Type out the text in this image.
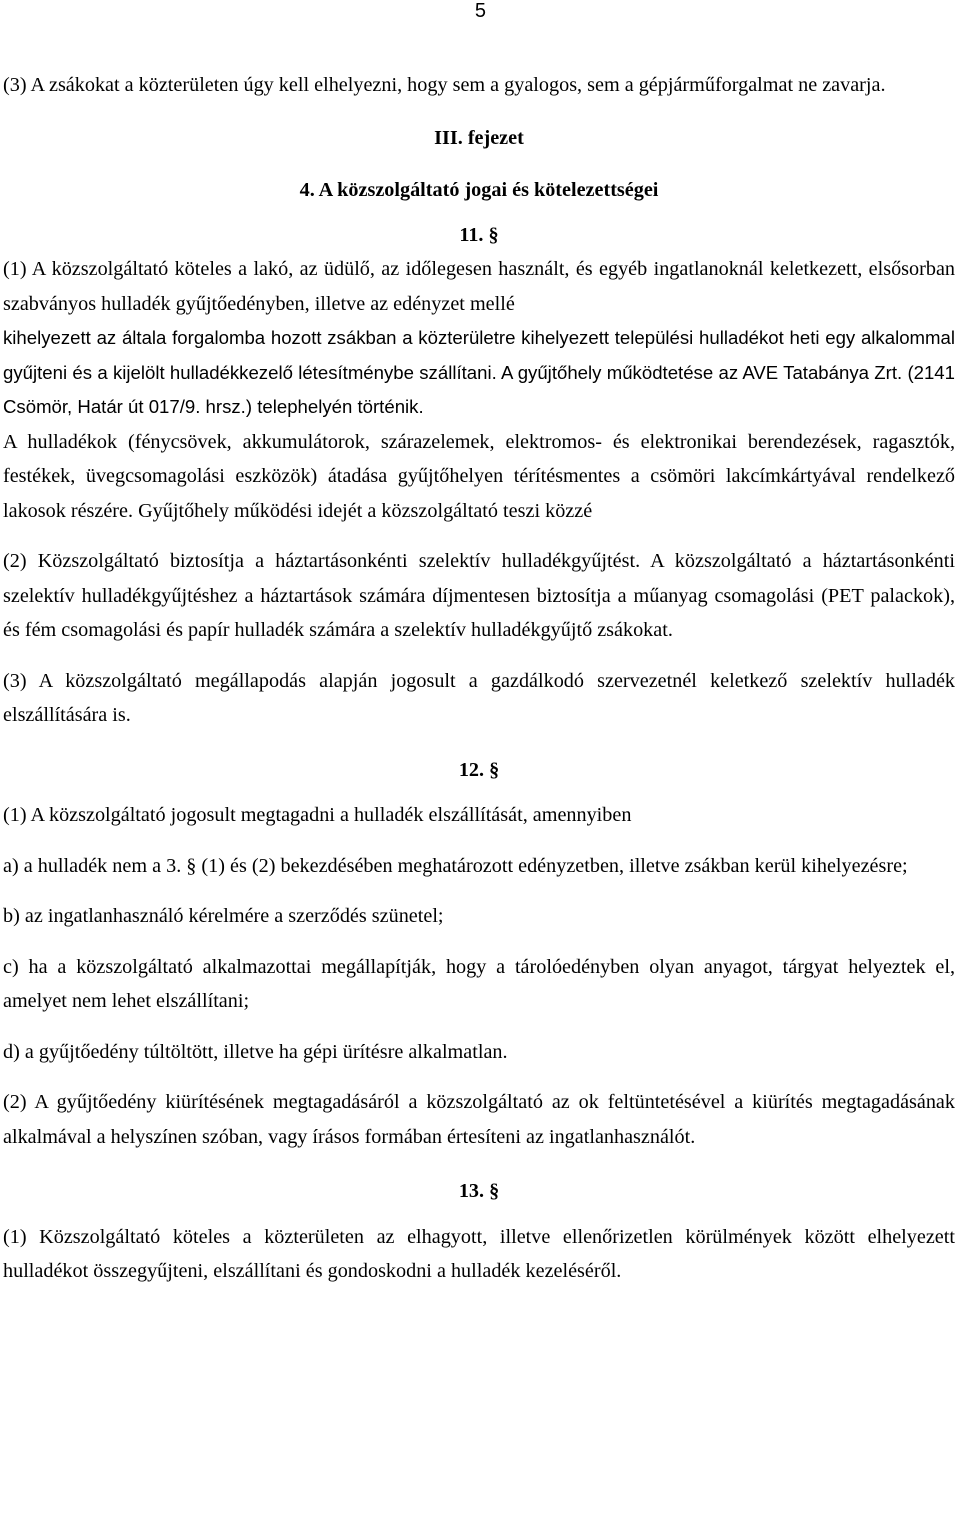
5

(3) A zsákokat a közterületen úgy kell elhelyezni, hogy sem a gyalogos, sem a gépjárműforgalmat ne zavarja.

III. fejezet

4. A közszolgáltató jogai és kötelezettségei

11. §

(1) A közszolgáltató köteles a lakó, az üdülő, az időlegesen használt, és egyéb ingatlanoknál keletkezett, elsősorban szabványos hulladék gyűjtőedényben, illetve az edényzet mellé

kihelyezett az általa forgalomba hozott zsákban a közterületre kihelyezett települési hulladékot heti egy alkalommal gyűjteni és a kijelölt hulladékkezelő létesítménybe szállítani. A gyűjtőhely működtetése az AVE Tatabánya Zrt. (2141 Csömör, Határ út 017/9. hrsz.) telephelyén történik.

A hulladékok (fénycsövek, akkumulátorok, szárazelemek, elektromos- és elektronikai berendezések, ragasztók, festékek, üvegcsomagolási eszközök) átadása gyűjtőhelyen térítésmentes a csömöri lakcímkártyával rendelkező lakosok részére. Gyűjtőhely működési idejét a közszolgáltató teszi közzé

(2) Közszolgáltató biztosítja a háztartásonkénti szelektív hulladékgyűjtést. A közszolgáltató a háztartásonkénti szelektív hulladékgyűjtéshez a háztartások számára díjmentesen biztosítja a műanyag csomagolási (PET palackok), és fém csomagolási és papír hulladék számára a szelektív hulladékgyűjtő zsákokat.

(3) A közszolgáltató megállapodás alapján jogosult a gazdálkodó szervezetnél keletkező szelektív hulladék elszállítására is.

12. §

(1) A közszolgáltató jogosult megtagadni a hulladék elszállítását, amennyiben

a) a hulladék nem a 3. § (1) és (2) bekezdésében meghatározott edényzetben, illetve zsákban kerül kihelyezésre;

b) az ingatlanhasználó kérelmére a szerződés szünetel;

c) ha a közszolgáltató alkalmazottai megállapítják, hogy a tárolóedényben olyan anyagot, tárgyat helyeztek el, amelyet nem lehet elszállítani;

d) a gyűjtőedény túltöltött, illetve ha gépi ürítésre alkalmatlan.

(2) A gyűjtőedény kiürítésének megtagadásáról a közszolgáltató az ok feltüntetésével a kiürítés megtagadásának alkalmával a helyszínen szóban, vagy írásos formában értesíteni az ingatlanhasználót.

13. §

(1) Közszolgáltató köteles a közterületen az elhagyott, illetve ellenőrizetlen körülmények között elhelyezett hulladékot összegyűjteni, elszállítani és gondoskodni a hulladék kezeléséről.
